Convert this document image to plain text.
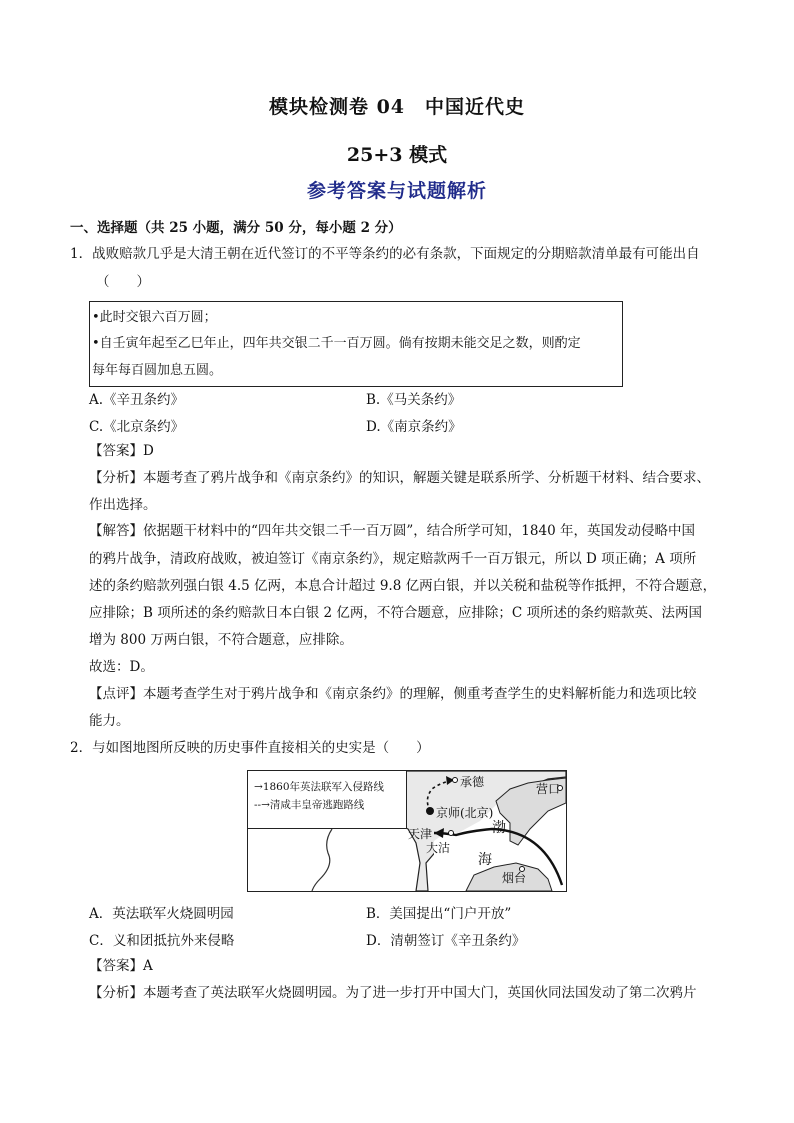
模块检测卷 04　中国近代史
25+3 模式
参考答案与试题解析
一、选择题（共 25 小题，满分 50 分，每小题 2 分）
1．战败赔款几乎是大清王朝在近代签订的不平等条约的必有条款，下面规定的分期赔款清单最有可能出自
（　　）
•此时交银六百万圆；
•自壬寅年起至乙巳年止，四年共交银二千一百万圆。倘有按期未能交足之数，则酌定
每年每百圆加息五圆。
A.《辛丑条约》	B.《马关条约》
C.《北京条约》	D.《南京条约》
【答案】D
【分析】本题考查了鸦片战争和《南京条约》的知识，解题关键是联系所学、分析题干材料、结合要求、
作出选择。
【解答】依据题干材料中的“四年共交银二千一百万圆”，结合所学可知，1840 年，英国发动侵略中国
的鸦片战争，清政府战败，被迫签订《南京条约》，规定赔款两千一百万银元，所以 D 项正确；A 项所
述的条约赔款列强白银 4.5 亿两，本息合计超过 9.8 亿两白银，并以关税和盐税等作抵押，不符合题意，
应排除；B 项所述的条约赔款日本白银 2 亿两，不符合题意，应排除；C 项所述的条约赔款英、法两国
增为 800 万两白银，不符合题意，应排除。
故选：D。
【点评】本题考查学生对于鸦片战争和《南京条约》的理解，侧重考查学生的史料解析能力和选项比较
能力。
2．与如图地图所反映的历史事件直接相关的史实是（　　）
→1860年英法联军入侵路线
‐‐→清咸丰皇帝逃跑路线
承德	营口
京师(北京)
渤
天津
大沽
海
烟台
A．英法联军火烧圆明园	B．美国提出“门户开放”
C．义和团抵抗外来侵略	D．清朝签订《辛丑条约》
【答案】A
【分析】本题考查了英法联军火烧圆明园。为了进一步打开中国大门，英国伙同法国发动了第二次鸦片
